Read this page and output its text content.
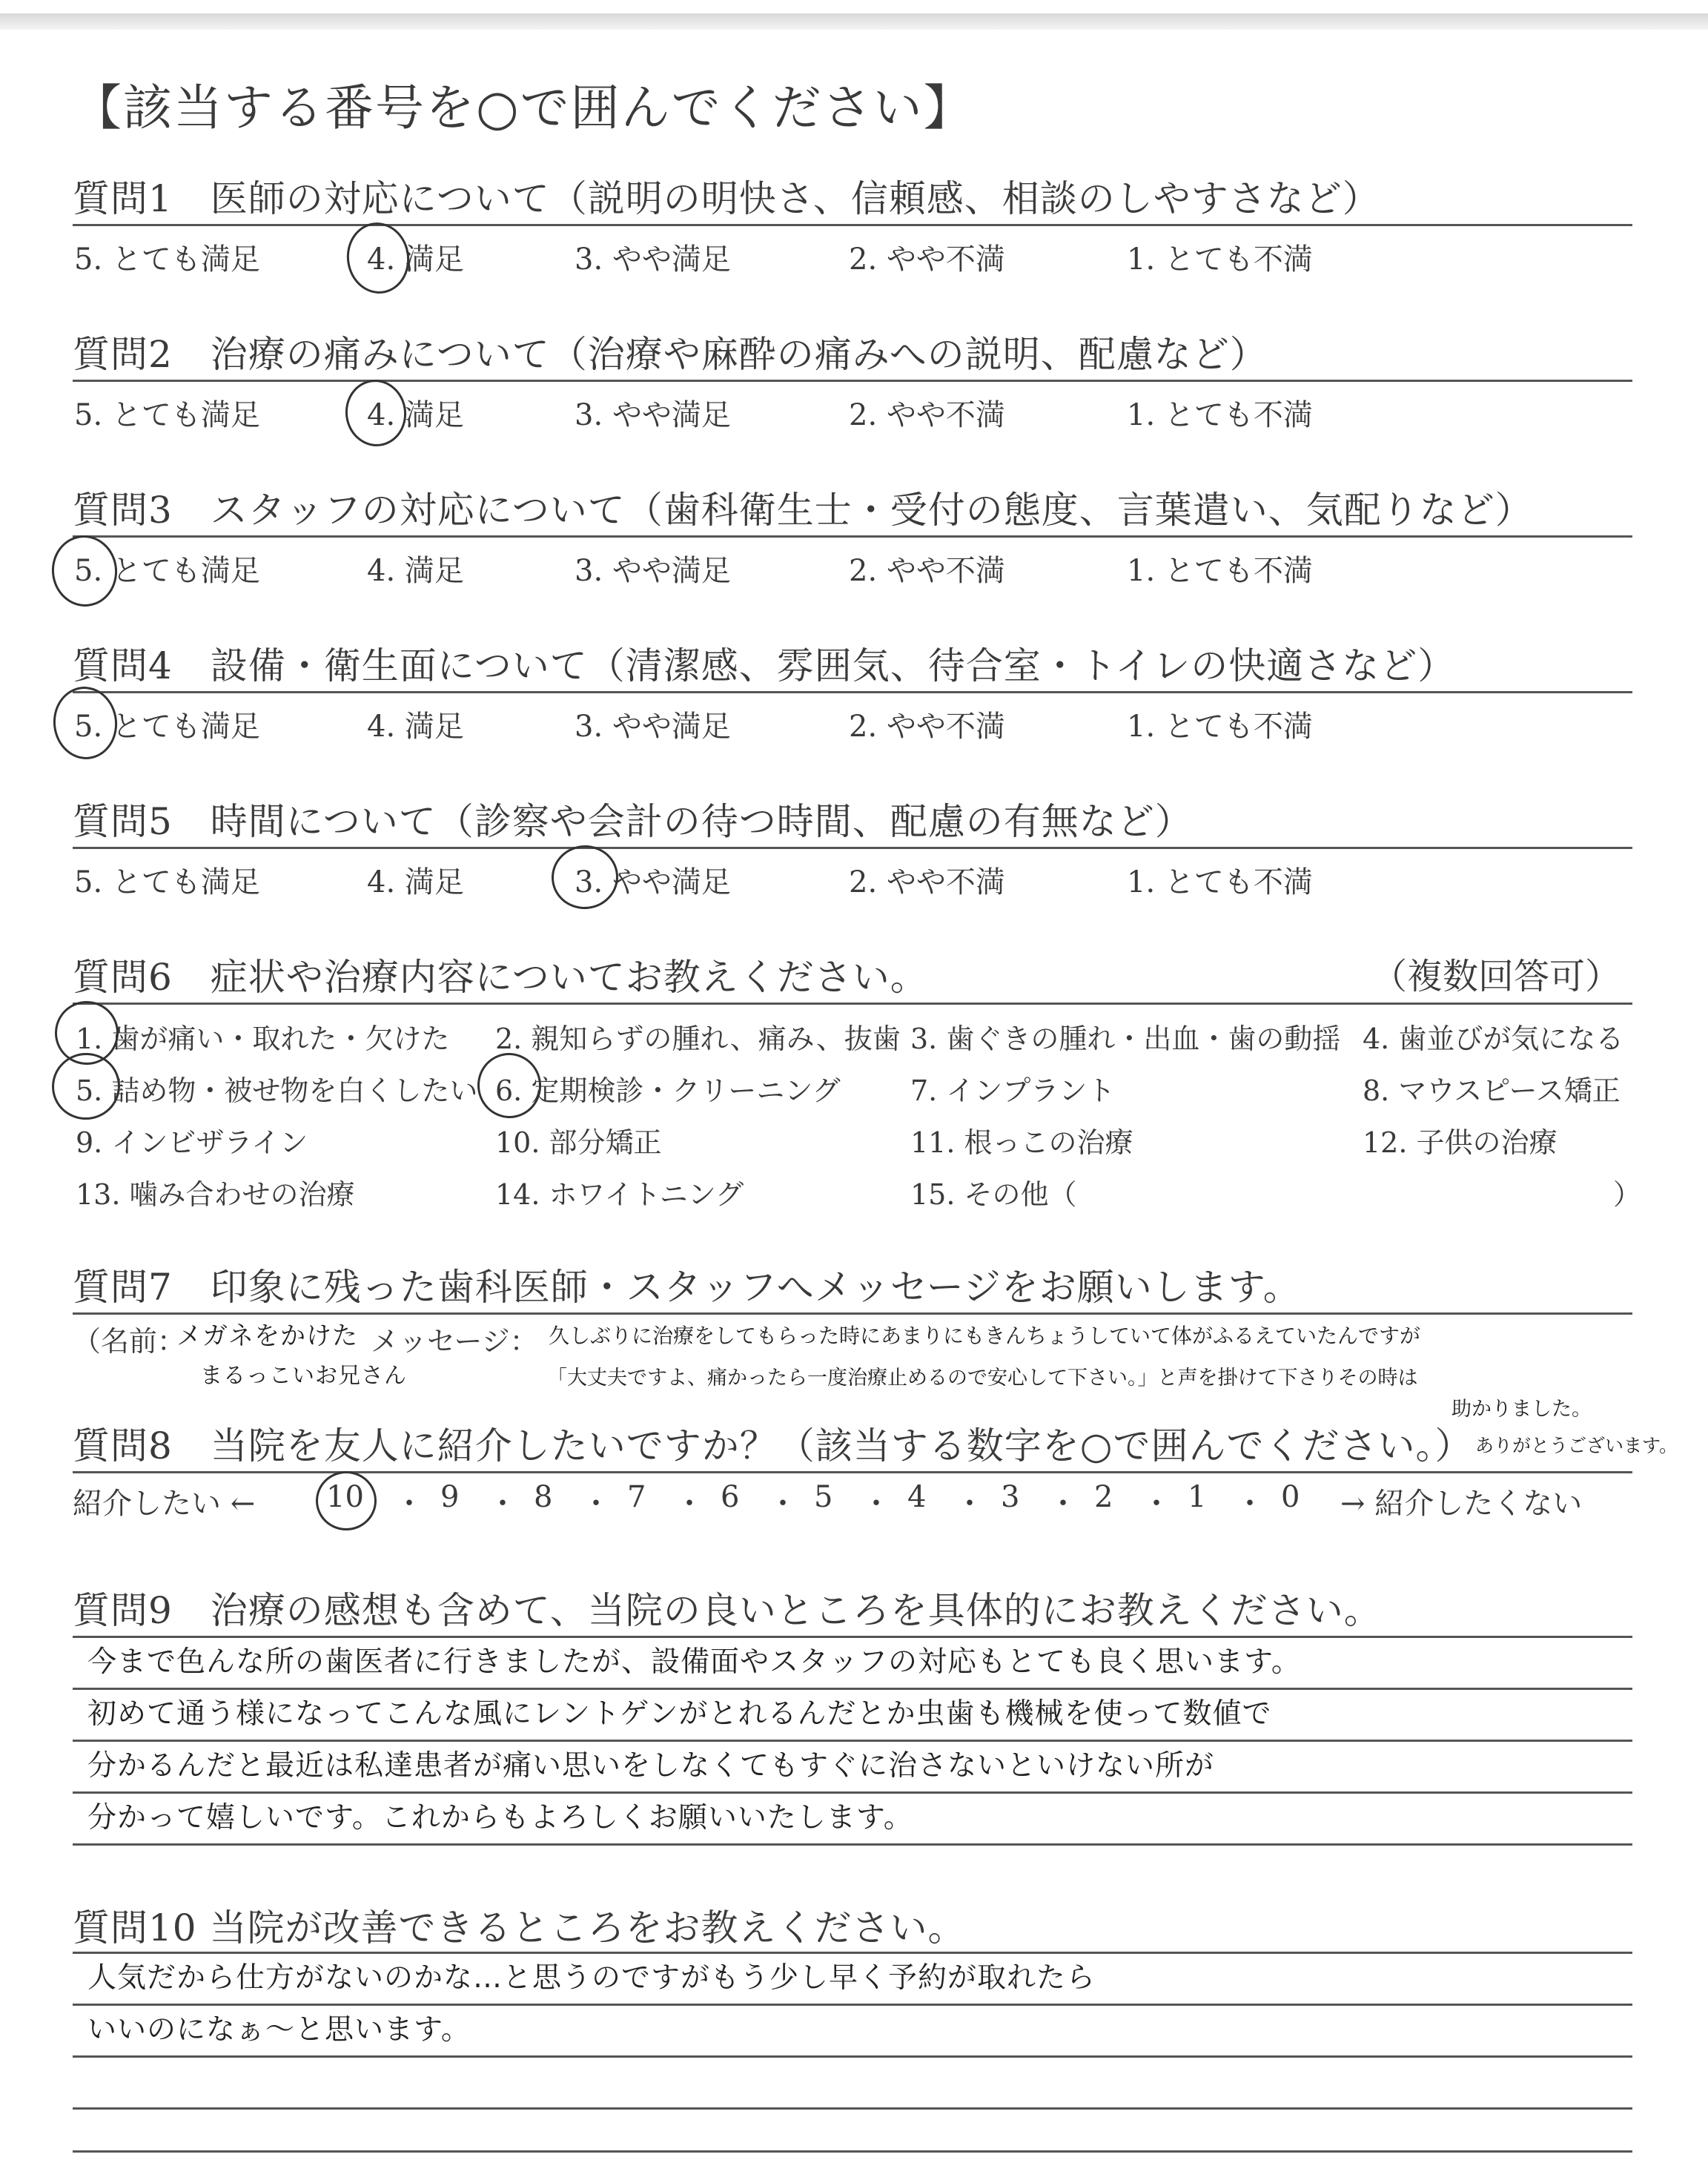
【該当する番号を○で囲んでください】
質問1　医師の対応について（説明の明快さ、信頼感、相談のしやすさなど）
5. とても満足	4. 満足	3. やや満足	2. やや不満	1. とても不満
質問2　治療の痛みについて（治療や麻酔の痛みへの説明、配慮など）
5. とても満足	4. 満足	3. やや満足	2. やや不満	1. とても不満
質問3　スタッフの対応について（歯科衛生士・受付の態度、言葉遣い、気配りなど）
5. とても満足	4. 満足	3. やや満足	2. やや不満	1. とても不満
質問4　設備・衛生面について（清潔感、雰囲気、待合室・トイレの快適さなど）
5. とても満足	4. 満足	3. やや満足	2. やや不満	1. とても不満
質問5　時間について（診察や会計の待つ時間、配慮の有無など）
5. とても満足	4. 満足	3. やや満足	2. やや不満	1. とても不満
質問6　症状や治療内容についてお教えください。	（複数回答可）
1. 歯が痛い・取れた・欠けた 2. 親知らずの腫れ、痛み、抜歯 3. 歯ぐきの腫れ・出血・歯の動揺 4. 歯並びが気になる
5. 詰め物・被せ物を白くしたい 6. 定期検診・クリーニング 7. インプラント	8. マウスピース矯正
9. インビザライン	10. 部分矯正	11. 根っこの治療	12. 子供の治療
13. 噛み合わせの治療	14. ホワイトニング	15. その他（	）
質問7　印象に残った歯科医師・スタッフへメッセージをお願いします。
（名前：
メガネをかけた
まるっこいお兄さん
メッセージ： 久しぶりに治療をしてもらった時にあまりにもきんちょうしていて体がふるえていたんですが
「大丈夫ですよ、痛かったら一度治療止めるので安心して下さい。」と声を掛けて下さりその時は
助かりました。
質問8　当院を友人に紹介したいですか？（該当する数字を○で囲んでください。） ありがとうございます。
紹介したい ← 10 ・ 9 ・ 8 ・ 7 ・ 6 ・ 5 ・ 4 ・ 3 ・ 2 ・ 1 ・ 0 → 紹介したくない
質問9　治療の感想も含めて、当院の良いところを具体的にお教えください。
今まで色んな所の歯医者に行きましたが、設備面やスタッフの対応もとても良く思います。
初めて通う様になってこんな風にレントゲンがとれるんだとか虫歯も機械を使って数値で
分かるんだと最近は私達患者が痛い思いをしなくてもすぐに治さないといけない所が
分かって嬉しいです。これからもよろしくお願いいたします。
質問10 当院が改善できるところをお教えください。
人気だから仕方がないのかな…と思うのですがもう少し早く予約が取れたら
いいのになぁ〜と思います。
